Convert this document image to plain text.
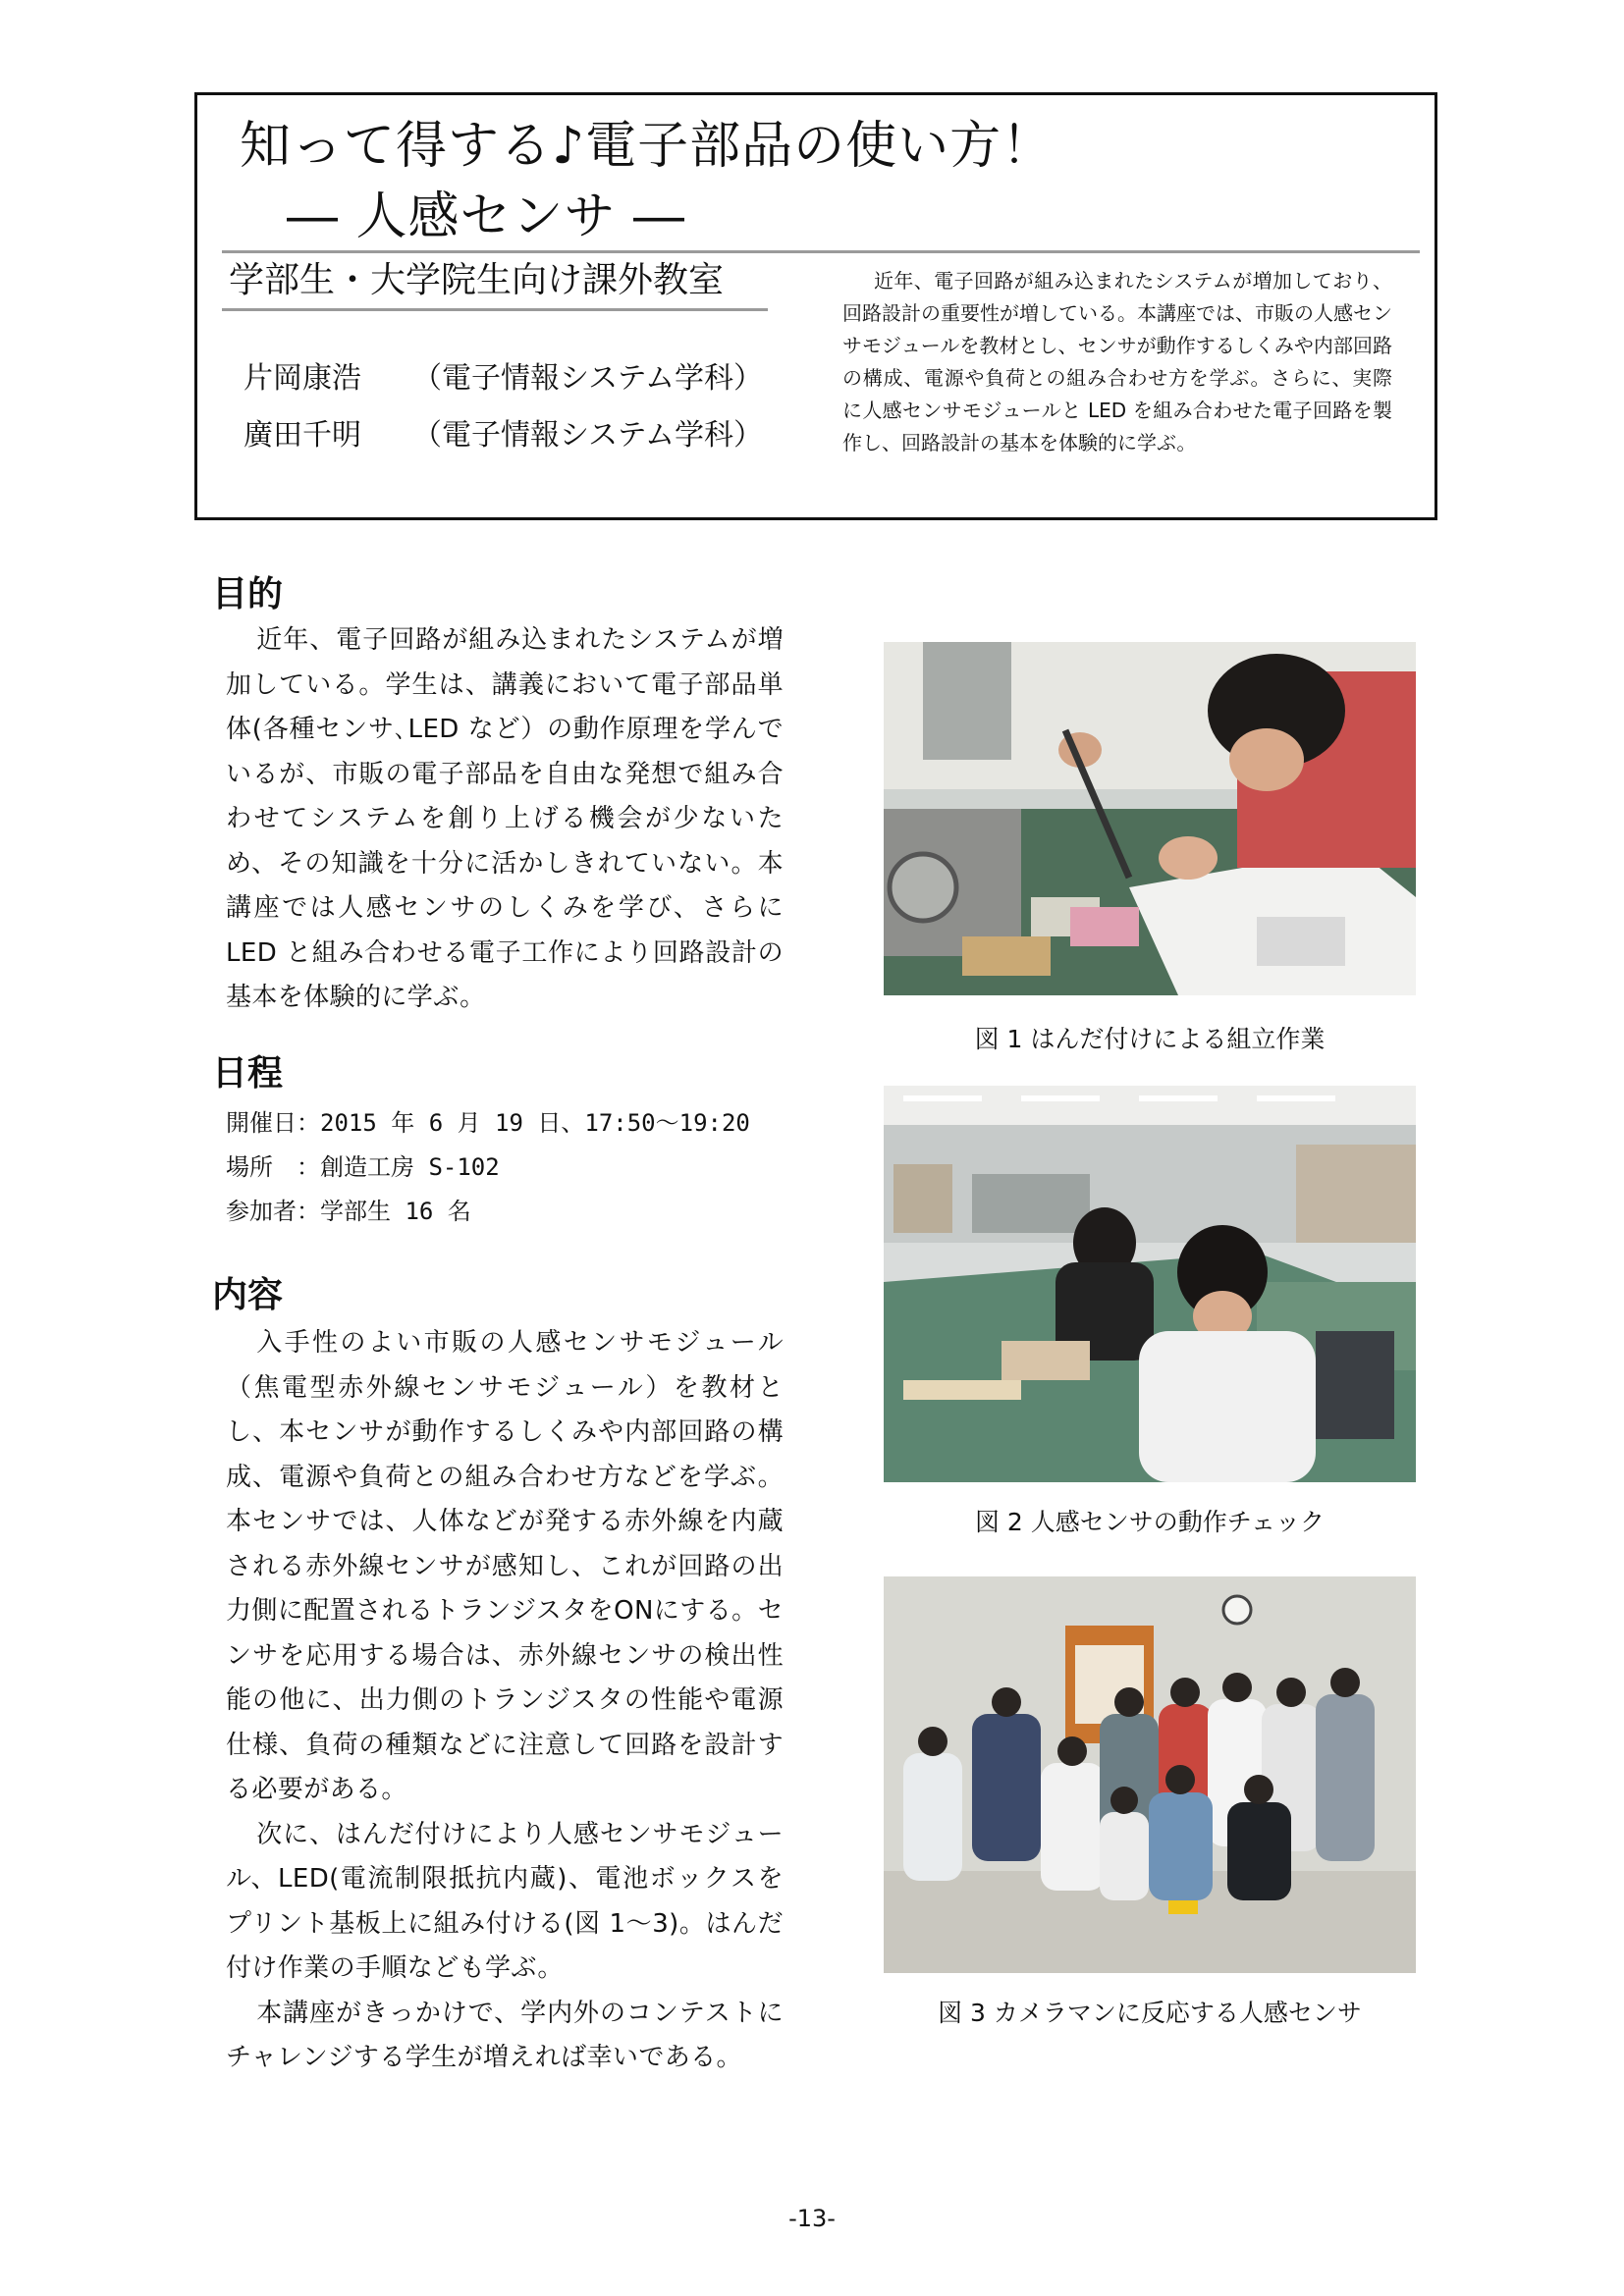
知って得する♪電子部品の使い方！
― 人感センサ ―
学部生・大学院生向け課外教室
片岡康浩 （電子情報システム学科）
廣田千明 （電子情報システム学科）
近年、電子回路が組み込まれたシステムが増加しており、回路設計の重要性が増している。本講座では、市販の人感センサモジュールを教材とし、センサが動作するしくみや内部回路の構成、電源や負荷との組み合わせ方を学ぶ。さらに、実際に人感センサモジュールと LED を組み合わせた電子回路を製作し、回路設計の基本を体験的に学ぶ。
目的

近年、電子回路が組み込まれたシステムが増加している。学生は、講義において電子部品単体(各種センサ､LED など）の動作原理を学んでいるが、市販の電子部品を自由な発想で組み合わせてシステムを創り上げる機会が少ないため、その知識を十分に活かしきれていない。本講座では人感センサのしくみを学び、さらに LED と組み合わせる電子工作により回路設計の基本を体験的に学ぶ。

日程
開催日：2015 年 6 月 19 日、17:50〜19:20
場所　：創造工房 S-102
参加者：学部生 16 名
内容

入手性のよい市販の人感センサモジュール（焦電型赤外線センサモジュール）を教材とし、本センサが動作するしくみや内部回路の構成、電源や負荷との組み合わせ方などを学ぶ。本センサでは、人体などが発する赤外線を内蔵される赤外線センサが感知し、これが回路の出力側に配置されるトランジスタをONにする。センサを応用する場合は、赤外線センサの検出性能の他に、出力側のトランジスタの性能や電源仕様、負荷の種類などに注意して回路を設計する必要がある。

次に、はんだ付けにより人感センサモジュール、LED(電流制限抵抗内蔵)、電池ボックスをプリント基板上に組み付ける(図 1〜3)。はんだ付け作業の手順なども学ぶ。

本講座がきっかけで、学内外のコンテストにチャレンジする学生が増えれば幸いである。

図 1 はんだ付けによる組立作業
図 2 人感センサの動作チェック
図 3 カメラマンに反応する人感センサ
-13-
